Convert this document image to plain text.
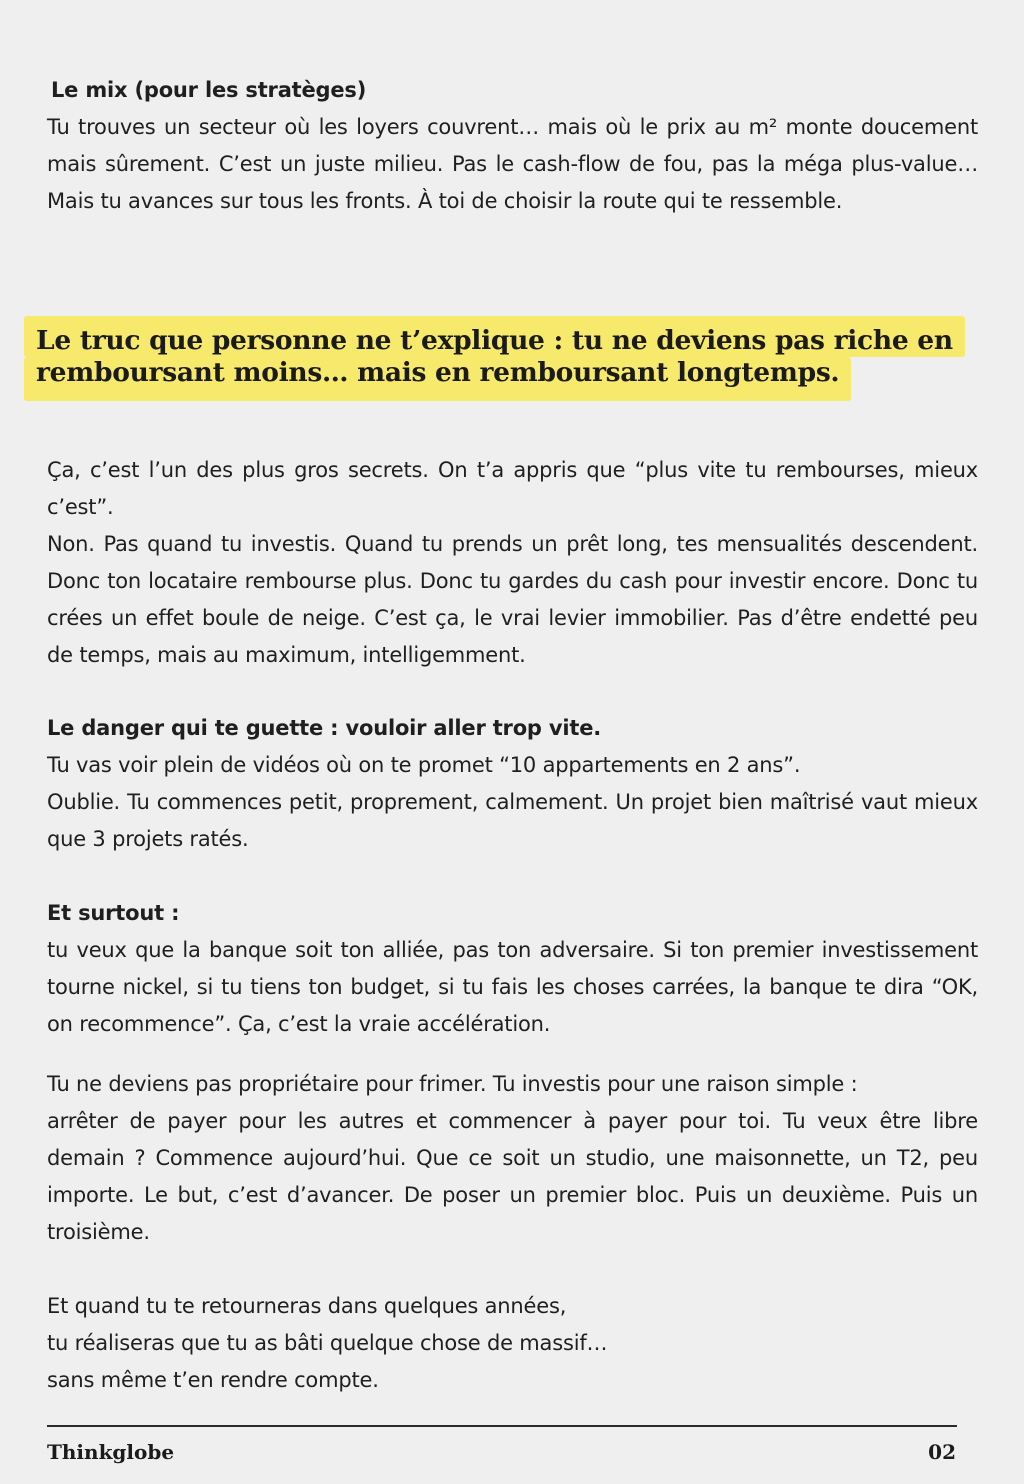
Le mix (pour les stratèges)

Tu trouves un secteur où les loyers couvrent… mais où le prix au m² monte doucement mais sûrement. C’est un juste milieu. Pas le cash-flow de fou, pas la méga plus-value… Mais tu avances sur tous les fronts. À toi de choisir la route qui te ressemble.

Le truc que personne ne t’explique : tu ne deviens pas riche en
remboursant moins… mais en remboursant longtemps.

Ça, c’est l’un des plus gros secrets. On t’a appris que “plus vite tu rembourses, mieux c’est”.

Non. Pas quand tu investis. Quand tu prends un prêt long, tes mensualités descendent. Donc ton locataire rembourse plus. Donc tu gardes du cash pour investir encore. Donc tu crées un effet boule de neige. C’est ça, le vrai levier immobilier. Pas d’être endetté peu de temps, mais au maximum, intelligemment.

Le danger qui te guette : vouloir aller trop vite.
Tu vas voir plein de vidéos où on te promet “10 appartements en 2 ans”.

Oublie. Tu commences petit, proprement, calmement. Un projet bien maîtrisé vaut mieux que 3 projets ratés.

Et surtout :

tu veux que la banque soit ton alliée, pas ton adversaire. Si ton premier investissement tourne nickel, si tu tiens ton budget, si tu fais les choses carrées, la banque te dira “OK, on recommence”. Ça, c’est la vraie accélération.

Tu ne deviens pas propriétaire pour frimer. Tu investis pour une raison simple :

arrêter de payer pour les autres et commencer à payer pour toi. Tu veux être libre demain ? Commence aujourd’hui. Que ce soit un studio, une maisonnette, un T2, peu importe. Le but, c’est d’avancer. De poser un premier bloc. Puis un deuxième. Puis un troisième.

Et quand tu te retourneras dans quelques années,
tu réaliseras que tu as bâti quelque chose de massif…
sans même t’en rendre compte.
Thinkglobe	02
